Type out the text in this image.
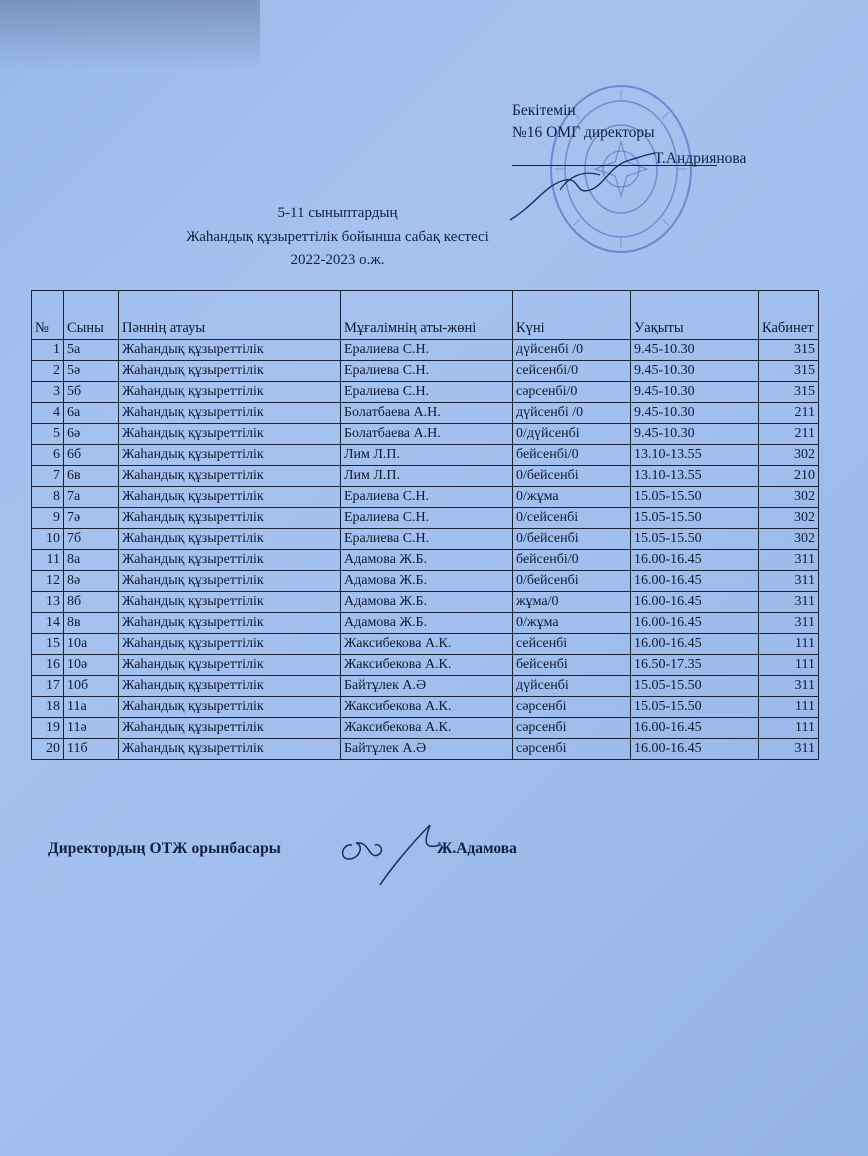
Бекітемін
№16 ОМГ директоры
Т.Андриянова
5-11 сыныптардың
Жаһандық құзыреттілік бойынша сабақ кестесі
2022-2023 о.ж.
№	Сыны	Пәннің атауы	Мұғалімнің аты-жөні	Күні	Уақыты	Кабинет
1	5а	Жаһандық құзыреттілік	Ералиева С.Н.	дүйсенбі /0	9.45-10.30	315
2	5ә	Жаһандық құзыреттілік	Ералиева С.Н.	сейсенбі/0	9.45-10.30	315
3	5б	Жаһандық құзыреттілік	Ералиева С.Н.	сәрсенбі/0	9.45-10.30	315
4	6а	Жаһандық құзыреттілік	Болатбаева А.Н.	дүйсенбі /0	9.45-10.30	211
5	6ә	Жаһандық құзыреттілік	Болатбаева А.Н.	0/дүйсенбі	9.45-10.30	211
6	6б	Жаһандық құзыреттілік	Лим Л.П.	бейсенбі/0	13.10-13.55	302
7	6в	Жаһандық құзыреттілік	Лим Л.П.	0/бейсенбі	13.10-13.55	210
8	7а	Жаһандық құзыреттілік	Ералиева С.Н.	0/жұма	15.05-15.50	302
9	7ә	Жаһандық құзыреттілік	Ералиева С.Н.	0/сейсенбі	15.05-15.50	302
10	7б	Жаһандық құзыреттілік	Ералиева С.Н.	0/бейсенбі	15.05-15.50	302
11	8а	Жаһандық құзыреттілік	Адамова Ж.Б.	бейсенбі/0	16.00-16.45	311
12	8ә	Жаһандық құзыреттілік	Адамова Ж.Б.	0/бейсенбі	16.00-16.45	311
13	8б	Жаһандық құзыреттілік	Адамова Ж.Б.	жұма/0	16.00-16.45	311
14	8в	Жаһандық құзыреттілік	Адамова Ж.Б.	0/жұма	16.00-16.45	311
15	10а	Жаһандық құзыреттілік	Жаксибекова А.К.	сейсенбі	16.00-16.45	111
16	10ә	Жаһандық құзыреттілік	Жаксибекова А.К.	бейсенбі	16.50-17.35	111
17	10б	Жаһандық құзыреттілік	Байтұлек А.Ә	дүйсенбі	15.05-15.50	311
18	11а	Жаһандық құзыреттілік	Жаксибекова А.К.	сәрсенбі	15.05-15.50	111
19	11ә	Жаһандық құзыреттілік	Жаксибекова А.К.	сәрсенбі	16.00-16.45	111
20	11б	Жаһандық құзыреттілік	Байтұлек А.Ә	сәрсенбі	16.00-16.45	311
Директордың ОТЖ орынбасары	Ж.Адамова
